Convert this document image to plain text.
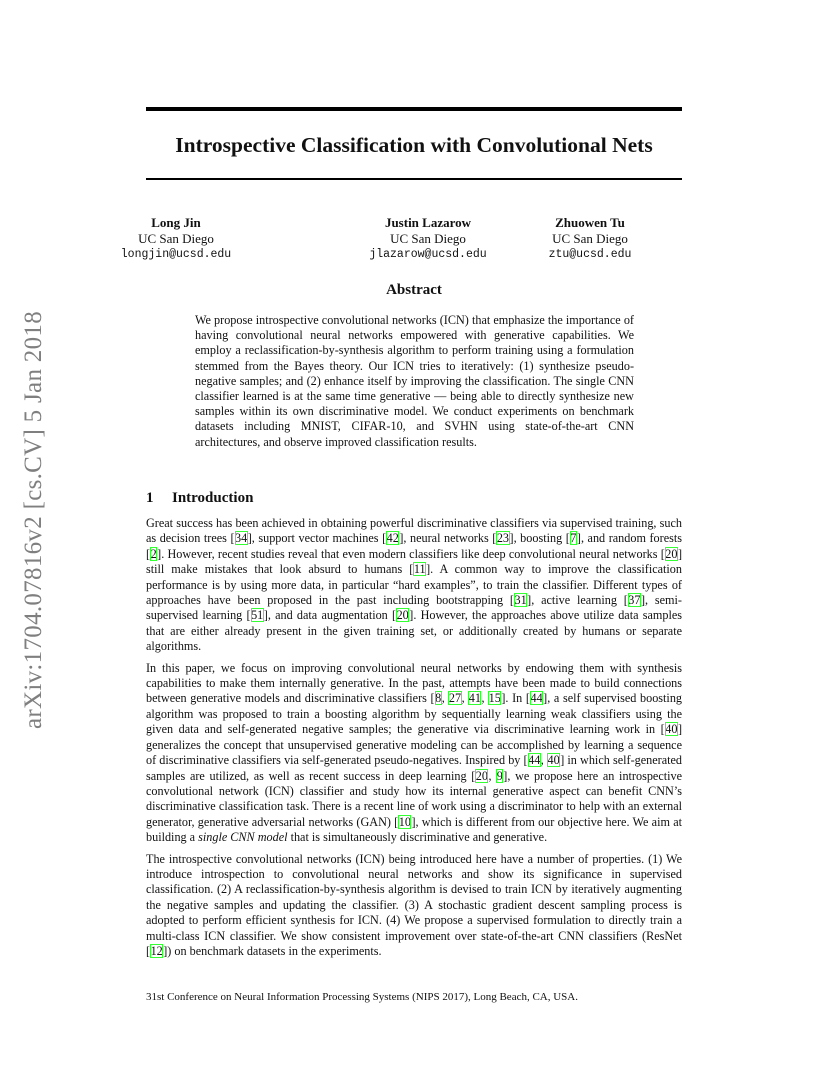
Introspective Classification with Convolutional Nets
Long Jin
UC San Diego
longjin@ucsd.edu
Justin Lazarow
UC San Diego
jlazarow@ucsd.edu
Zhuowen Tu
UC San Diego
ztu@ucsd.edu
Abstract
We propose introspective convolutional networks (ICN) that emphasize the importance of having convolutional neural networks empowered with generative capabilities. We employ a reclassification-by-synthesis algorithm to perform training using a formulation stemmed from the Bayes theory. Our ICN tries to iteratively: (1) synthesize pseudo-negative samples; and (2) enhance itself by improving the classification. The single CNN classifier learned is at the same time generative — being able to directly synthesize new samples within its own discriminative model. We conduct experiments on benchmark datasets including MNIST, CIFAR-10, and SVHN using state-of-the-art CNN architectures, and observe improved classification results.
1 Introduction

Great success has been achieved in obtaining powerful discriminative classifiers via supervised training, such as decision trees [34], support vector machines [42], neural networks [23], boosting [7], and random forests [2]. However, recent studies reveal that even modern classifiers like deep convolutional neural networks [20] still make mistakes that look absurd to humans [11]. A common way to improve the classification performance is by using more data, in particular “hard examples”, to train the classifier. Different types of approaches have been proposed in the past including bootstrapping [31], active learning [37], semi-supervised learning [51], and data augmentation [20]. However, the approaches above utilize data samples that are either already present in the given training set, or additionally created by humans or separate algorithms.

In this paper, we focus on improving convolutional neural networks by endowing them with synthesis capabilities to make them internally generative. In the past, attempts have been made to build connections between generative models and discriminative classifiers [8, 27, 41, 15]. In [44], a self supervised boosting algorithm was proposed to train a boosting algorithm by sequentially learning weak classifiers using the given data and self-generated negative samples; the generative via discriminative learning work in [40] generalizes the concept that unsupervised generative modeling can be accomplished by learning a sequence of discriminative classifiers via self-generated pseudo-negatives. Inspired by [44, 40] in which self-generated samples are utilized, as well as recent success in deep learning [20, 9], we propose here an introspective convolutional network (ICN) classifier and study how its internal generative aspect can benefit CNN’s discriminative classification task. There is a recent line of work using a discriminator to help with an external generator, generative adversarial networks (GAN) [10], which is different from our objective here. We aim at building a single CNN model that is simultaneously discriminative and generative.

The introspective convolutional networks (ICN) being introduced here have a number of properties. (1) We introduce introspection to convolutional neural networks and show its significance in supervised classification. (2) A reclassification-by-synthesis algorithm is devised to train ICN by iteratively augmenting the negative samples and updating the classifier. (3) A stochastic gradient descent sampling process is adopted to perform efficient synthesis for ICN. (4) We propose a supervised formulation to directly train a multi-class ICN classifier. We show consistent improvement over state-of-the-art CNN classifiers (ResNet [12]) on benchmark datasets in the experiments.

31st Conference on Neural Information Processing Systems (NIPS 2017), Long Beach, CA, USA.
arXiv:1704.07816v2 [cs.CV] 5 Jan 2018
